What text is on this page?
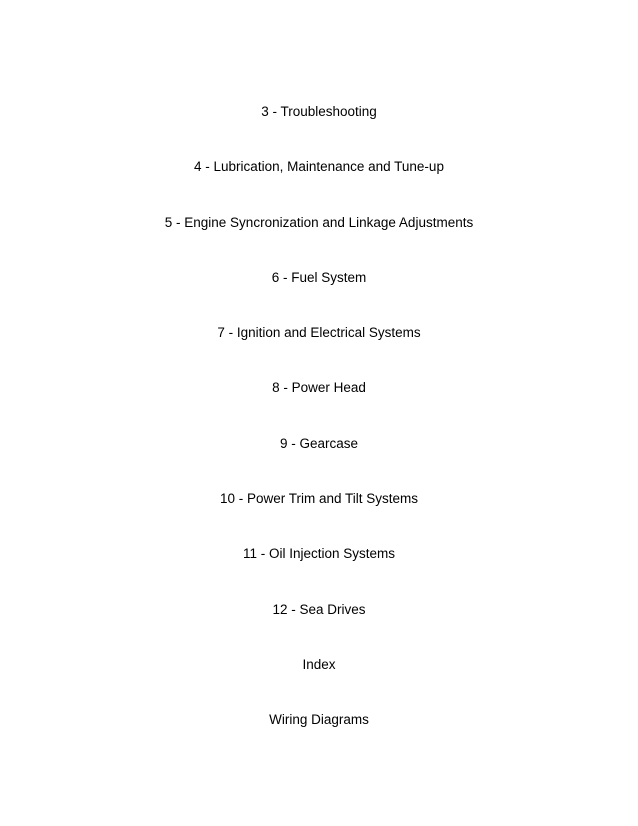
3 - Troubleshooting
4 - Lubrication, Maintenance and Tune-up
5 - Engine Syncronization and Linkage Adjustments
6 - Fuel System
7 - Ignition and Electrical Systems
8 - Power Head
9 - Gearcase
10 - Power Trim and Tilt Systems
11 - Oil Injection Systems
12 - Sea Drives
Index
Wiring Diagrams
